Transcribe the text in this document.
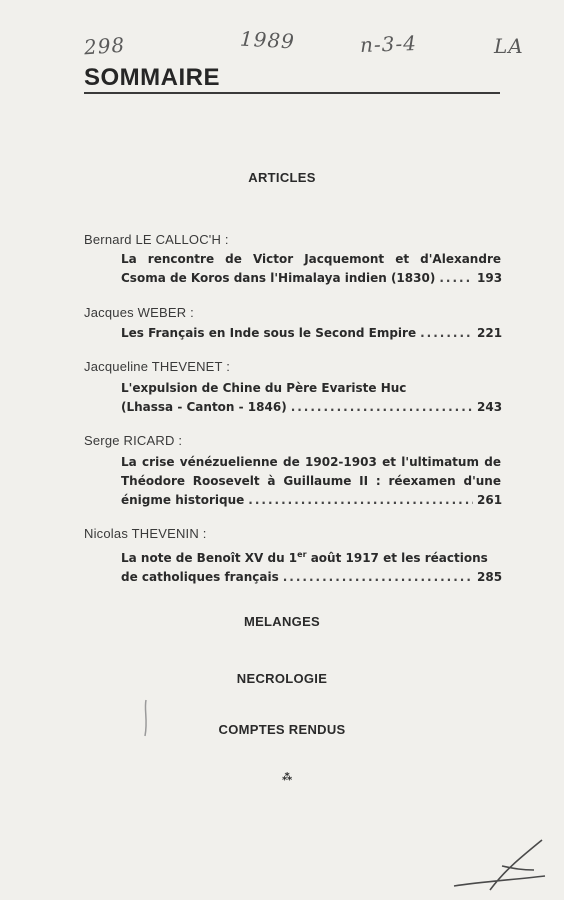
298	1989	n-3-4	LA
SOMMAIRE
ARTICLES
Bernard LE CALLOC'H :
La rencontre de Victor Jacquemont et d'Alexandre
Csoma de Koros dans l'Himalaya indien (1830) .....	193
Jacques WEBER :
Les Français en Inde sous le Second Empire .....	221
Jacqueline THEVENET :
L'expulsion de Chine du Père Evariste Huc
(Lhassa - Canton - 1846) .....	243
Serge RICARD :
La crise vénézuelienne de 1902-1903 et l'ultimatum de
Théodore Roosevelt à Guillaume II : réexamen d'une
énigme historique .....	261
Nicolas THEVENIN :
La note de Benoît XV du 1er août 1917 et les réactions
de catholiques français .....	285
MELANGES
NECROLOGIE
COMPTES RENDUS
⁂
